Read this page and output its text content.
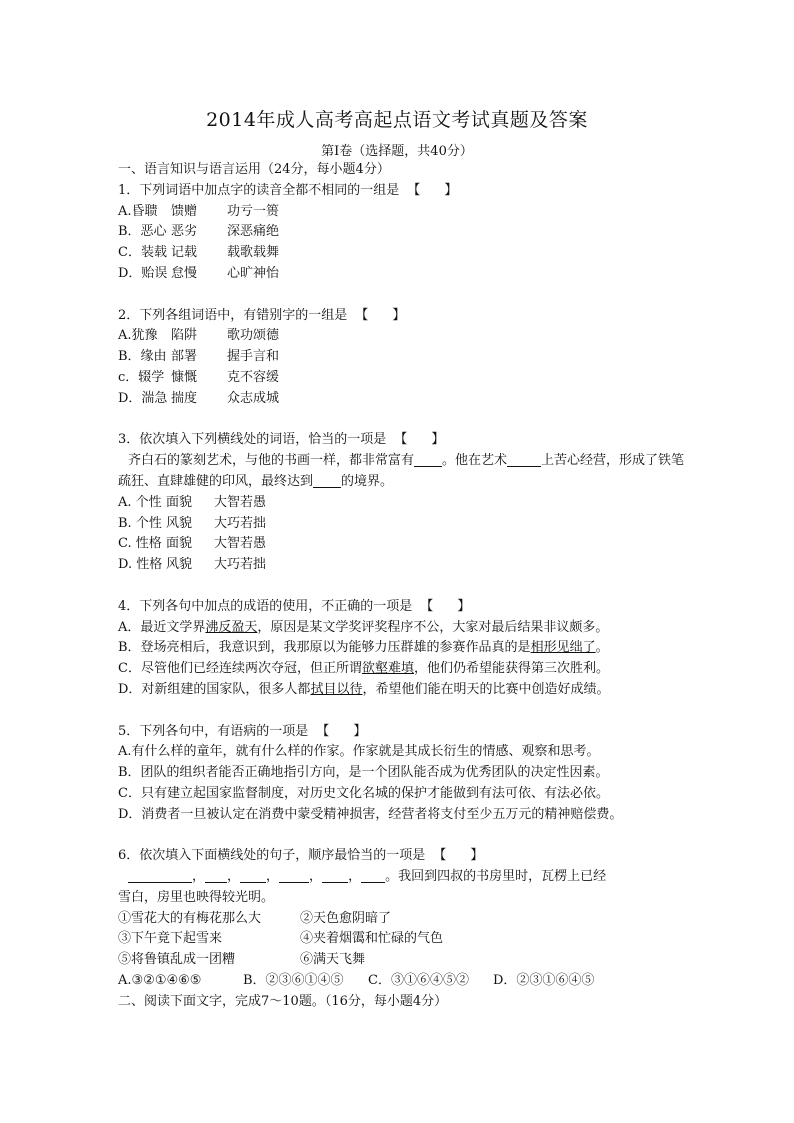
2014年成人高考高起点语文考试真题及答案
第Ⅰ卷（选择题，共40分）
一、语言知识与语言运用（24分，每小题4分）
1．下列词语中加点字的读音全都不相同的一组是 【 】
A.昏聩 馈赠 功亏一篑
B．恶心 恶劣 深恶痛绝
C．装载 记载 载歌载舞
D．贻误 怠慢 心旷神怡
2．下列各组词语中，有错别字的一组是 【 】
A.犹豫 陷阱 歌功颂德
B．缘由 部署 握手言和
c．辍学 慷慨 克不容缓
D．湍急 揣度 众志成城
3．依次填入下列横线处的词语，恰当的一项是 【 】
齐白石的篆刻艺术，与他的书画一样，都非常富有 。他在艺术	上苦心经营，形成了铁笔疏狂、直肆雄健的印风，最终达到 的境界。
A. 个性 面貌 大智若愚
B. 个性 风貌 大巧若拙
C. 性格 面貌 大智若愚
D. 性格 风貌 大巧若拙
4．下列各句中加点的成语的使用，不正确的一项是 【 】
A．最近文学界沸反盈天，原因是某文学奖评奖程序不公，大家对最后结果非议颇多。
B．登场亮相后，我意识到，我那原以为能够力压群雄的参赛作品真的是相形见绌了。
C．尽管他们已经连续两次夺冠，但正所谓欲壑难填，他们仍希望能获得第三次胜利。
D．对新组建的国家队，很多人都拭目以待，希望他们能在明天的比赛中创造好成绩。
5．下列各句中，有语病的一项是 【 】
A.有什么样的童年，就有什么样的作家。作家就是其成长衍生的情感、观察和思考。
B．团队的组织者能否正确地指引方向，是一个团队能否成为优秀团队的决定性因素。
C．只有建立起国家监督制度，对历史文化名城的保护才能做到有法可依、有法必依。
D．消费者一旦被认定在消费中蒙受精神损害，经营者将支付至少五万元的精神赔偿费。
6．依次填入下面横线处的句子，顺序最恰当的一项是 【 】
， ， ， ， ， 。我回到四叔的书房里时，瓦楞上已经
雪白，房里也映得较光明。
①雪花大的有梅花那么大	②天色愈阴暗了
③下午竟下起雪来	④夹着烟霭和忙碌的气色
⑤将鲁镇乱成一团糟	⑥满天飞舞
A.③②①④⑥⑤	B．②③⑥①④⑤ C．③①⑥④⑤② D．②③①⑥④⑤
二、阅读下面文字，完成7～10题。（16分，每小题4分）
